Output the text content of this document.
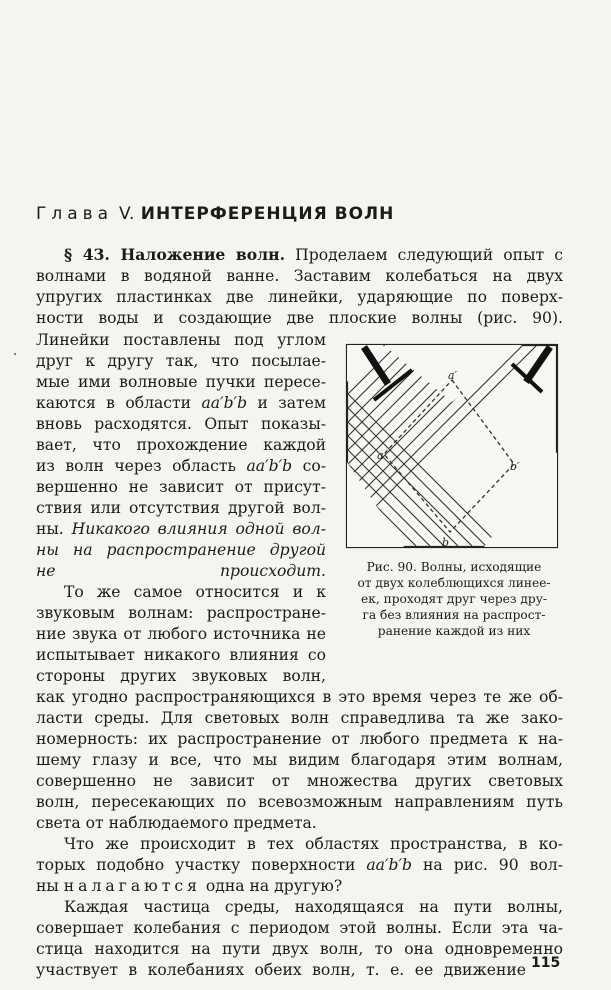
Глава V. ИНТЕРФЕРЕНЦИЯ ВОЛН
§ 43. Наложение волн. Проделаем следующий опыт с
волнами в водяной ванне. Заставим колебаться на двух
упругих пластинках две линейки, ударяющие по поверх-
ности воды и создающие две плоские волны (рис. 90).
Линейки поставлены под углом
друг к другу так, что посылае-
мые ими волновые пучки пересе-
каются в области aa′b′b и затем
вновь расходятся. Опыт показы-
вает, что прохождение каждой
из волн через область aa′b′b со-
вершенно не зависит от присут-
ствия или отсутствия другой вол-
ны. Никакого влияния одной вол-
ны на распространение другой
не происходит.
То же самое относится и к
звуковым волнам: распростране-
ние звука от любого источника не
испытывает никакого влияния со
стороны других звуковых волн,
как угодно распространяющихся в это время через те же об-
ласти среды. Для световых волн справедлива та же зако-
номерность: их распространение от любого предмета к на-
шему глазу и все, что мы видим благодаря этим волнам,
совершенно не зависит от множества других световых
волн, пересекающих по всевозможным направлениям путь
света от наблюдаемого предмета.
Что же происходит в тех областях пространства, в ко-
торых подобно участку поверхности aa′b′b на рис. 90 вол-
ны налагаются одна на другую?
Каждая частица среды, находящаяся на пути волны,
совершает колебания с периодом этой волны. Если эта ча-
стица находится на пути двух волн, то она одновременно
участвует в колебаниях обеих волн, т. е. ее движение
a′
a
b′
b
Рис. 90. Волны, исходящие
от двух колеблющихся линеe-
ек, проходят друг через дру-
га без влияния на распрост-
ранение каждой из них
115
